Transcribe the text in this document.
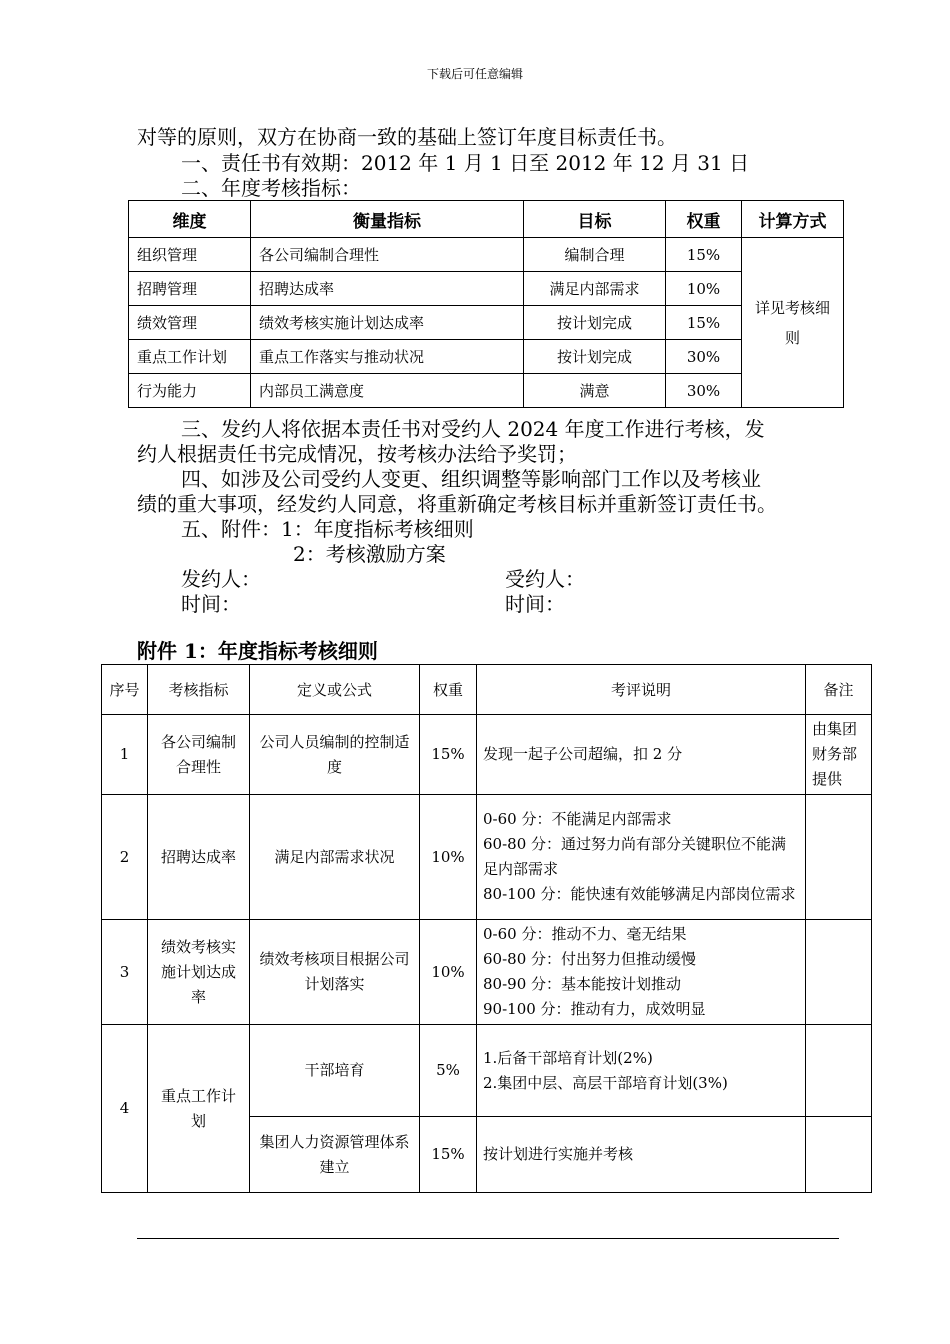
下载后可任意编辑
对等的原则，双方在协商一致的基础上签订年度目标责任书。
一、责任书有效期：2012 年 1 月 1 日至 2012 年 12 月 31 日
二、年度考核指标：
维度	衡量指标	目标	权重	计算方式
组织管理	各公司编制合理性	编制合理	15%	详见考核细则
招聘管理	招聘达成率	满足内部需求	10%	
绩效管理	绩效考核实施计划达成率	按计划完成	15%	
重点工作计划	重点工作落实与推动状况	按计划完成	30%	
行为能力	内部员工满意度	满意	30%	
三、发约人将依据本责任书对受约人 2024 年度工作进行考核，发
约人根据责任书完成情况，按考核办法给予奖罚；
四、如涉及公司受约人变更、组织调整等影响部门工作以及考核业
绩的重大事项，经发约人同意，将重新确定考核目标并重新签订责任书。
五、附件：1：年度指标考核细则
2：考核激励方案
发约人：	受约人：
时间：	时间：
附件 1：年度指标考核细则
序号	考核指标	定义或公式	权重	考评说明	备注
1	各公司编制合理性	公司人员编制的控制适度	15%	发现一起子公司超编，扣 2 分	由集团财务部提供
2	招聘达成率	满足内部需求状况	10%	0-60 分：不能满足内部需求
60-80 分：通过努力尚有部分关键职位不能满足内部需求
80-100 分：能快速有效能够满足内部岗位需求	

3	绩效考核实施计划达成率	绩效考核项目根据公司计划落实	10%	0-60 分：推动不力、毫无结果
60-80 分：付出努力但推动缓慢
80-90 分：基本能按计划推动
90-100 分：推动有力，成效明显	

4	重点工作计划	干部培育	5%	1.后备干部培育计划(2%)
2.集团中层、高层干部培育计划(3%)	

		集团人力资源管理体系建立	15%	按计划进行实施并考核	
